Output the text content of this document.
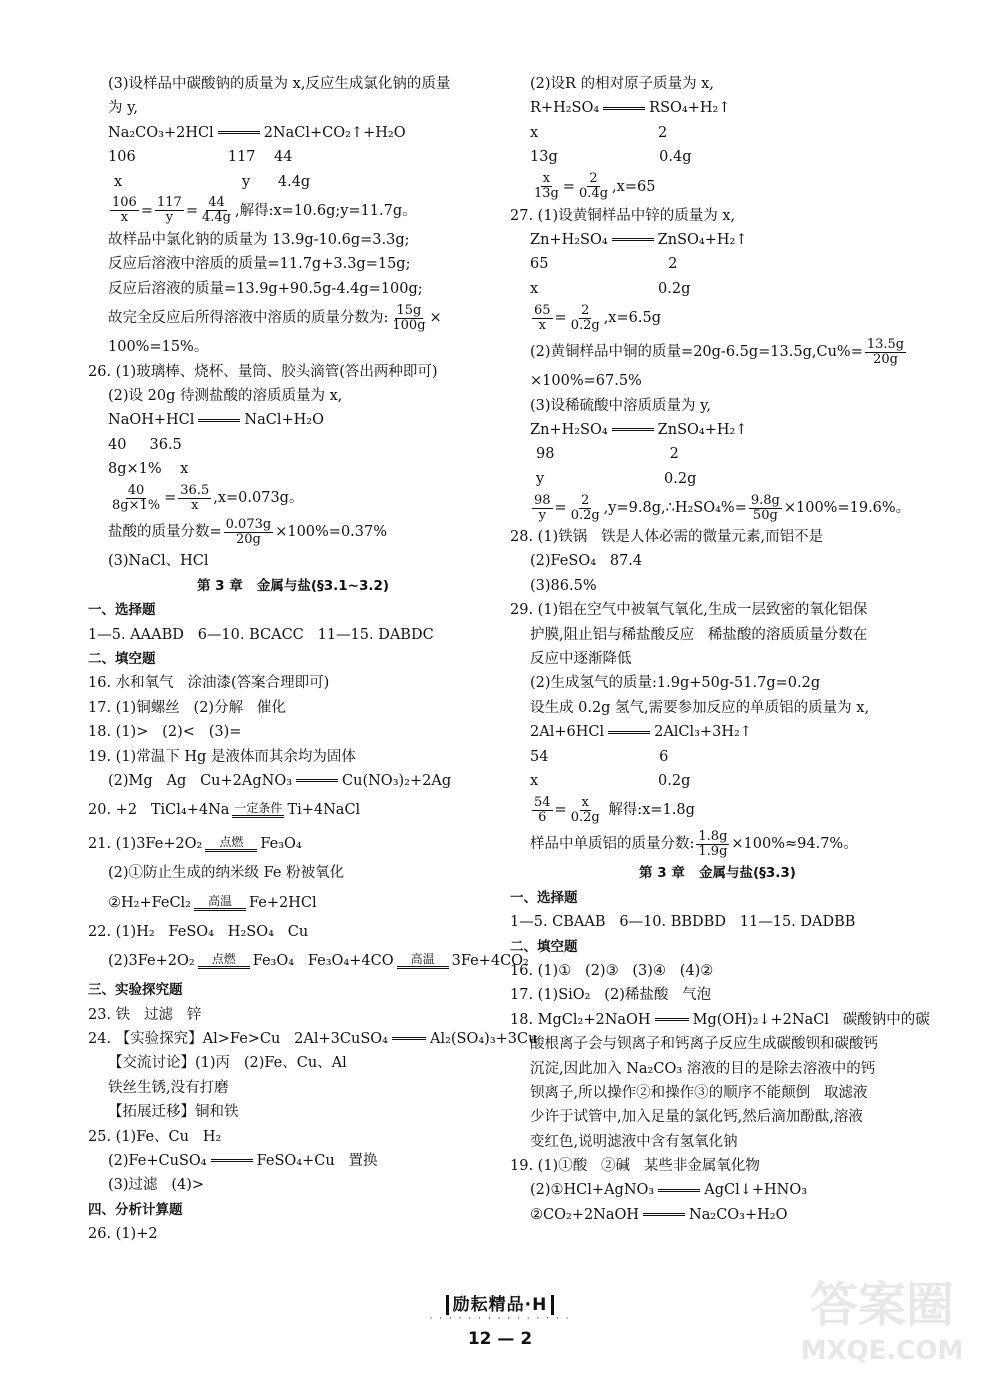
(3)设样品中碳酸钠的质量为 x,反应生成氯化钠的质量
为 y,
Na₂CO₃+2HCl	2NaCl+CO₂↑+H₂O
106                    117    44
x                          y      4.4g
$\frac{106}{x} = \frac{117}{y} = \frac{44}{4.4g}$ ,解得:x=10.6g;y=11.7g。
故样品中氯化钠的质量为 13.9g-10.6g=3.3g;
反应后溶液中溶质的质量=11.7g+3.3g=15g;
反应后溶液的质量=13.9g+90.5g-4.4g=100g;
故完全反应后所得溶液中溶质的质量分数为: $\frac{15g}{100g}$ ×
100%=15%。
26. (1)玻璃棒、烧杯、量筒、胶头滴管(答出两种即可)
(2)设 20g 待测盐酸的溶质质量为 x,
NaOH+HCl	NaCl+H₂O
40     36.5
8g×1%    x
$\frac{40}{8g\times 1\%} = \frac{36.5}{x} ,x=0.073g$。
盐酸的质量分数= $\frac{0.073g}{20g} \times 100\%=0.37\%$
(3)NaCl、HCl
第 3 章   金属与盐(§3.1~3.2)
一、选择题
1—5. AAABD   6—10. BCACC   11—15. DABDC
二、填空题
16. 水和氧气   涂油漆(答案合理即可)
17. (1)铜螺丝   (2)分解   催化
18. (1)>   (2)<   (3)=
19. (1)常温下 Hg 是液体而其余均为固体
(2)Mg   Ag   Cu+2AgNO₃	Cu(NO₃)₂+2Ag
20. +2   TiCl₄+4Na 一定条件 Ti+4NaCl
21. (1)3Fe+2O₂ 点燃 Fe₃O₄
(2)①防止生成的纳米级 Fe 粉被氧化
②H₂+FeCl₂ 高温 Fe+2HCl
22. (1)H₂   FeSO₄   H₂SO₄   Cu
(2)3Fe+2O₂ 点燃 Fe₃O₄   Fe₃O₄+4CO 高温 3Fe+4CO₂
三、实验探究题
23. 铁   过滤   锌
24. 【实验探究】Al>Fe>Cu   2Al+3CuSO₄	Al₂(SO₄)₃+3Cu
【交流讨论】(1)丙   (2)Fe、Cu、Al
铁丝生锈,没有打磨
【拓展迁移】铜和铁
25. (1)Fe、Cu   H₂
(2)Fe+CuSO₄	FeSO₄+Cu   置换
(3)过滤   (4)>
四、分析计算题
26. (1)+2
(2)设R 的相对原子质量为 x,
R+H₂SO₄	RSO₄+H₂↑
x                          2
13g                      0.4g
$\frac{x}{13g} = \frac{2}{0.4g} ,x=65$
27. (1)设黄铜样品中锌的质量为 x,
Zn+H₂SO₄	ZnSO₄+H₂↑
65                          2
x                          0.2g
$\frac{65}{x} = \frac{2}{0.2g} ,x=6.5g$
(2)黄铜样品中铜的质量$=20g-6.5g=13.5g,Cu\%= \frac{13.5g}{20g}$
×100%=67.5%
(3)设稀硫酸中溶质质量为 y,
Zn+H₂SO₄	ZnSO₄+H₂↑
98                         2
y                          0.2g
$\frac{98}{y} = \frac{2}{0.2g}$ ,y=9.8g,∴H₂SO₄%= $\frac{9.8g}{50g} \times 100\%=19.6\%$。
28. (1)铁锅   铁是人体必需的微量元素,而铝不是
(2)FeSO₄   87.4
(3)86.5%
29. (1)铝在空气中被氧气氧化,生成一层致密的氧化铝保
护膜,阻止铝与稀盐酸反应   稀盐酸的溶质质量分数在
反应中逐渐降低
(2)生成氢气的质量:1.9g+50g-51.7g=0.2g
设生成 0.2g 氢气,需要参加反应的单质铝的质量为 x,
2Al+6HCl	2AlCl₃+3H₂↑
54                        6
x                          0.2g
$\frac{54}{6} = \frac{x}{0.2g}$ 解得:x=1.8g
样品中单质铝的质量分数: $\frac{1.8g}{1.9g} \times 100\%\approx 94.7\%$。
第 3 章   金属与盐(§3.3)
一、选择题
1—5. CBAAB   6—10. BBDBD   11—15. DADBB
二、填空题
16. (1)①   (2)③   (3)④   (4)②
17. (1)SiO₂   (2)稀盐酸   气泡
18. MgCl₂+2NaOH	Mg(OH)₂↓+2NaCl   碳酸钠中的碳
酸根离子会与钡离子和钙离子反应生成碳酸钡和碳酸钙
沉淀,因此加入 Na₂CO₃ 溶液的目的是除去溶液中的钙
钡离子,所以操作②和操作③的顺序不能颠倒   取滤液
少许于试管中,加入足量的氯化钙,然后滴加酚酞,溶液
变红色,说明滤液中含有氢氧化钠
19. (1)①酸   ②碱   某些非金属氧化物
(2)①HCl+AgNO₃	AgCl↓+HNO₃
②CO₂+2NaOH	Na₂CO₃+H₂O
励耘精品·H
· · · · · · · · · · · · · · ·
12 — 2
答案圈
MXQE.COM
